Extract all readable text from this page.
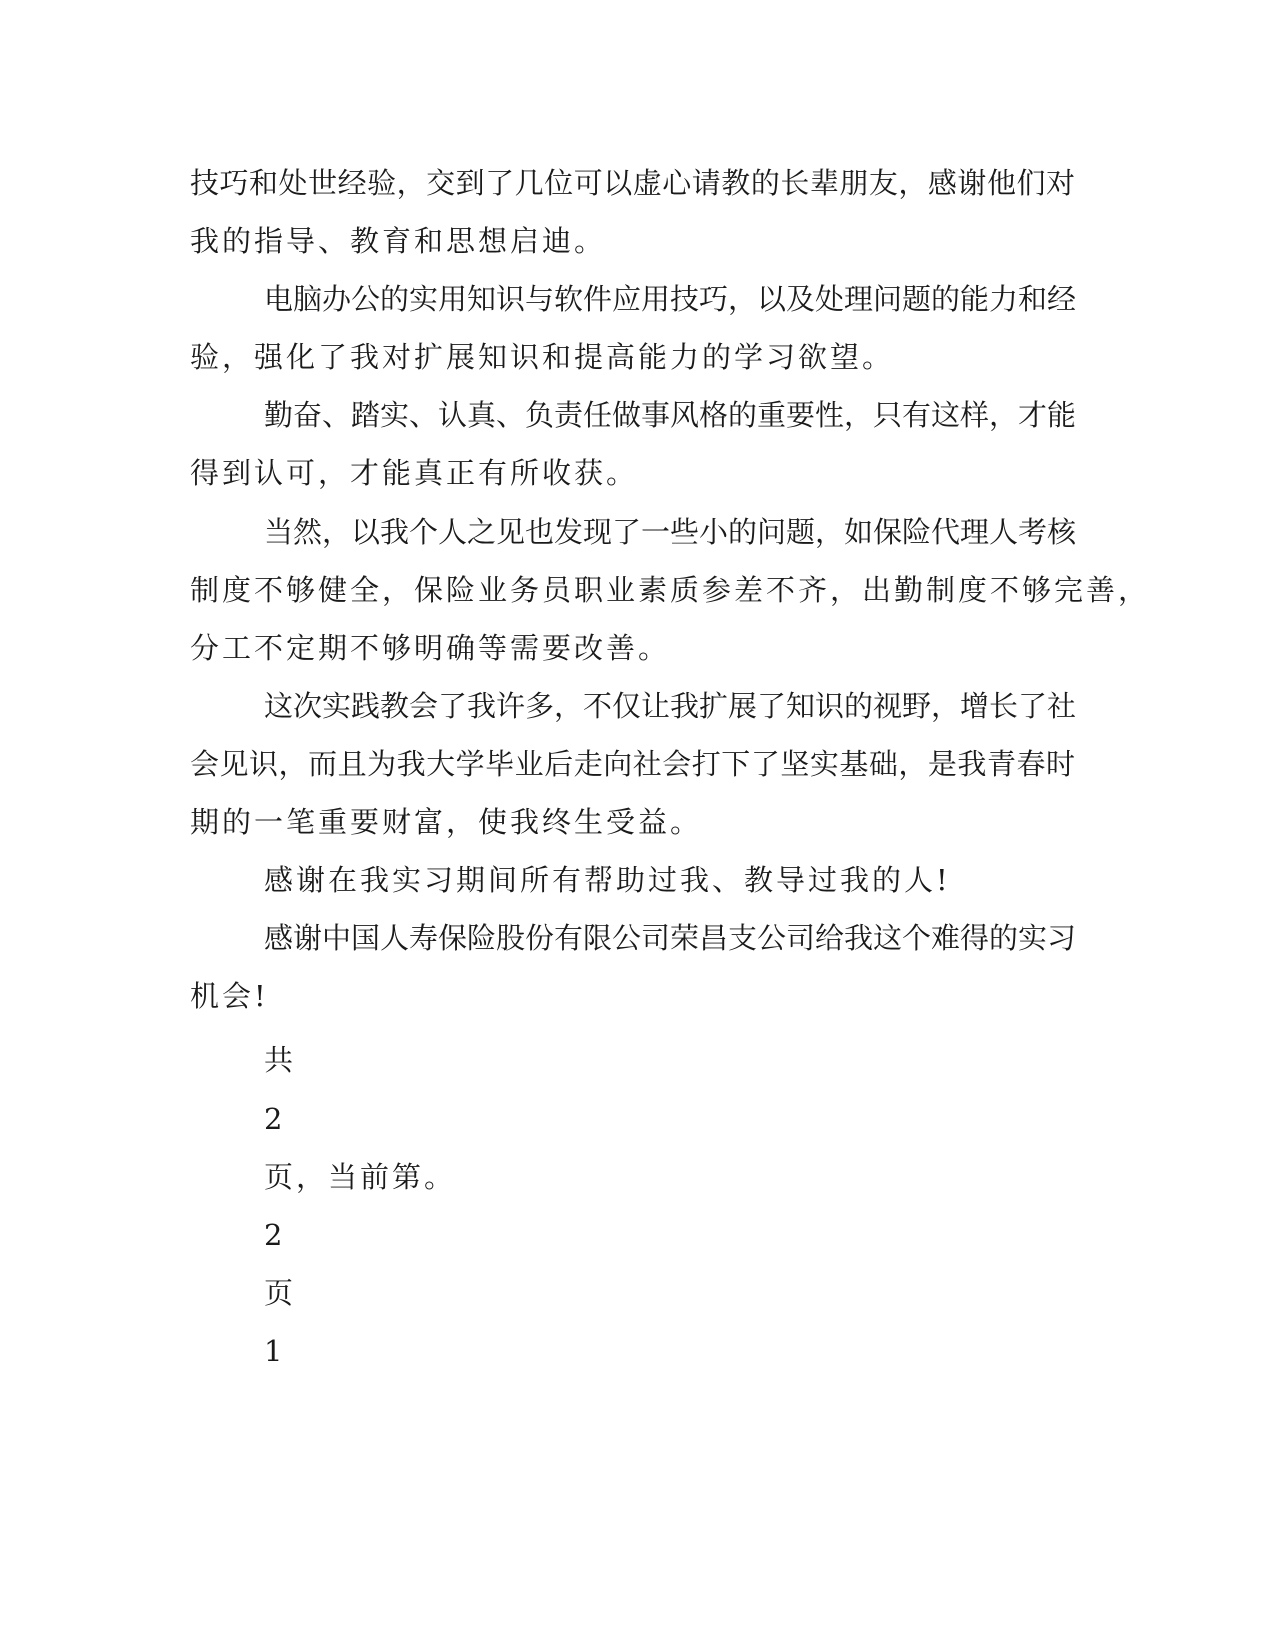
技巧和处世经验，交到了几位可以虚心请教的长辈朋友，感谢他们对

我的指导、教育和思想启迪。

电脑办公的实用知识与软件应用技巧，以及处理问题的能力和经

验，强化了我对扩展知识和提高能力的学习欲望。

勤奋、踏实、认真、负责任做事风格的重要性，只有这样，才能

得到认可，才能真正有所收获。

当然，以我个人之见也发现了一些小的问题，如保险代理人考核

制度不够健全，保险业务员职业素质参差不齐，出勤制度不够完善，

分工不定期不够明确等需要改善。

这次实践教会了我许多，不仅让我扩展了知识的视野，增长了社

会见识，而且为我大学毕业后走向社会打下了坚实基础，是我青春时

期的一笔重要财富，使我终生受益。

感谢在我实习期间所有帮助过我、教导过我的人!

感谢中国人寿保险股份有限公司荣昌支公司给我这个难得的实习

机会!

共

2

页，当前第。

2

页

1
